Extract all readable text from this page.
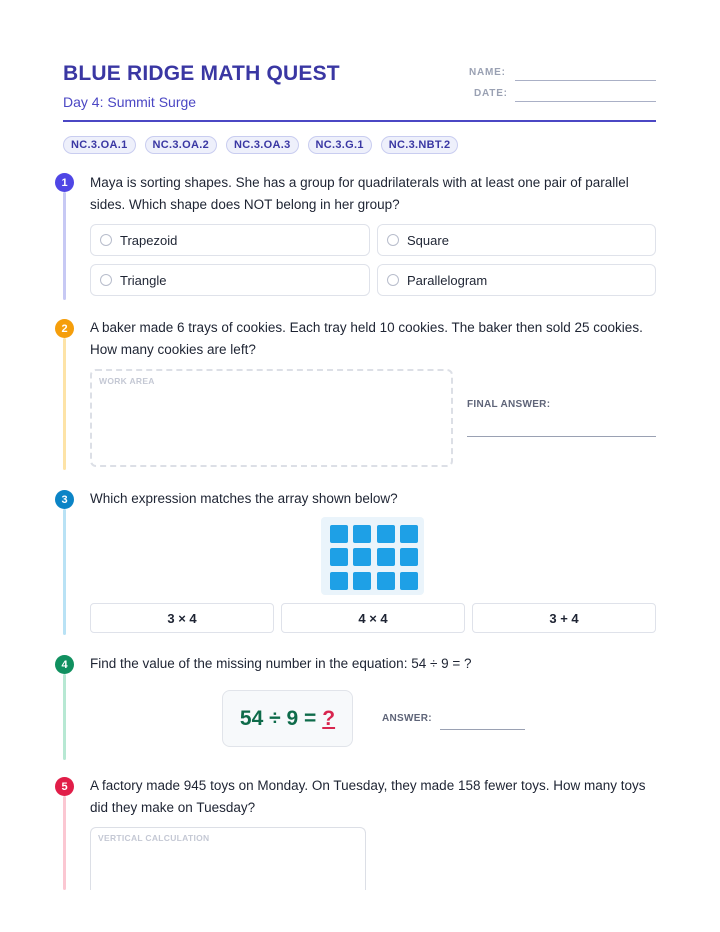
BLUE RIDGE MATH QUEST
Day 4: Summit Surge
NAME:
DATE:
NC.3.OA.1	NC.3.OA.2	NC.3.OA.3	NC.3.G.1	NC.3.NBT.2
1	Maya is sorting shapes. She has a group for quadrilaterals with at least one pair of parallel sides. Which shape does NOT belong in her group?
Trapezoid	Square
Triangle	Parallelogram
2	A baker made 6 trays of cookies. Each tray held 10 cookies. The baker then sold 25 cookies. How many cookies are left?
WORK AREA
FINAL ANSWER:
3	Which expression matches the array shown below?
3 × 4	4 × 4	3 + 4
4	Find the value of the missing number in the equation: 54 ÷ 9 = ?
54 ÷ 9 = ?	ANSWER:
5	A factory made 945 toys on Monday. On Tuesday, they made 158 fewer toys. How many toys did they make on Tuesday?
VERTICAL CALCULATION
